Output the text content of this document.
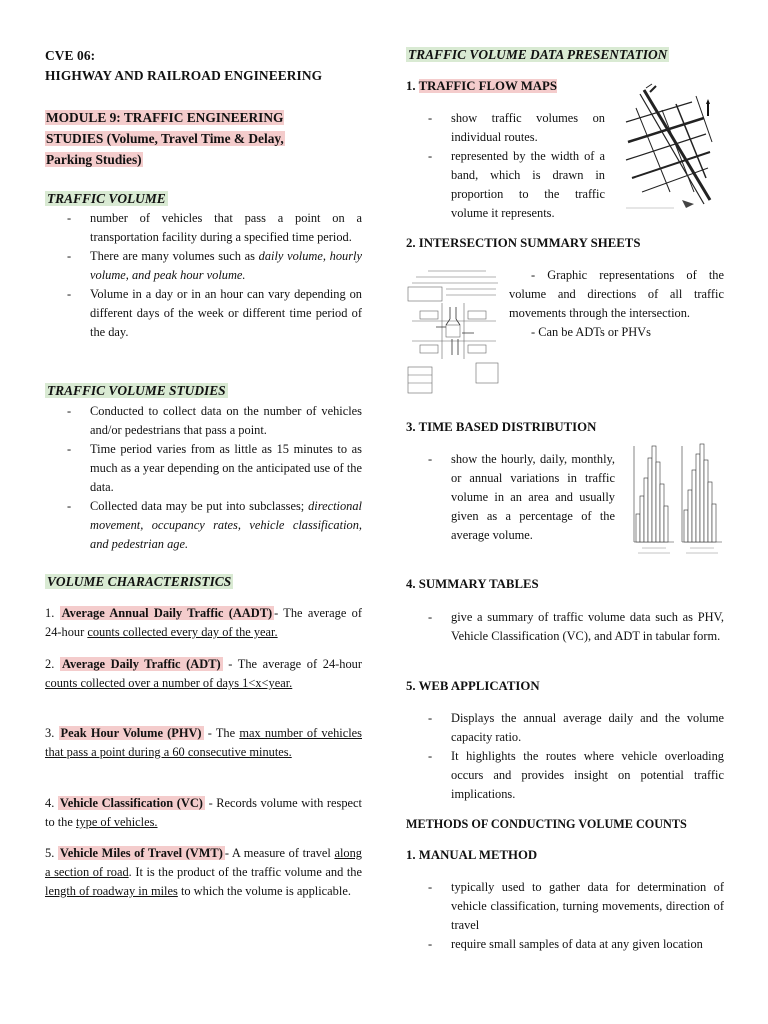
CVE 06:
HIGHWAY AND RAILROAD ENGINEERING
MODULE 9: TRAFFIC ENGINEERING
STUDIES (Volume, Travel Time & Delay,
Parking Studies)
TRAFFIC VOLUME
- number of vehicles that pass a point on a transportation facility during a specified time period.
- There are many volumes such as daily volume, hourly volume, and peak hour volume.
- Volume in a day or in an hour can vary depending on different days of the week or different time period of the day.
TRAFFIC VOLUME STUDIES
- Conducted to collect data on the number of vehicles and/or pedestrians that pass a point.
- Time period varies from as little as 15 minutes to as much as a year depending on the anticipated use of the data.
- Collected data may be put into subclasses; directional movement, occupancy rates, vehicle classification, and pedestrian age.
VOLUME CHARACTERISTICS
1. Average Annual Daily Traffic (AADT) - The average of 24-hour counts collected every day of the year.
2. Average Daily Traffic (ADT) - The average of 24-hour counts collected over a number of days 1<x<year.
3. Peak Hour Volume (PHV) - The max number of vehicles that pass a point during a 60 consecutive minutes.
4. Vehicle Classification (VC) - Records volume with respect to the type of vehicles.
5. Vehicle Miles of Travel (VMT) - A measure of travel along a section of road. It is the product of the traffic volume and the length of roadway in miles to which the volume is applicable.
TRAFFIC VOLUME DATA PRESENTATION
1. TRAFFIC FLOW MAPS
- show traffic volumes on individual routes.
- represented by the width of a band, which is drawn in proportion to the traffic volume it represents.
2. INTERSECTION SUMMARY SHEETS
- Graphic representations of the volume and directions of all traffic movements through the intersection.
- Can be ADTs or PHVs
3. TIME BASED DISTRIBUTION
- show the hourly, daily, monthly, or annual variations in traffic volume in an area and usually given as a percentage of the average volume.
4. SUMMARY TABLES
- give a summary of traffic volume data such as PHV, Vehicle Classification (VC), and ADT in tabular form.
5. WEB APPLICATION
- Displays the annual average daily and the volume capacity ratio.
- It highlights the routes where vehicle overloading occurs and provides insight on potential traffic implications.
METHODS OF CONDUCTING VOLUME COUNTS
1. MANUAL METHOD
- typically used to gather data for determination of vehicle classification, turning movements, direction of travel
- require small samples of data at any given location
